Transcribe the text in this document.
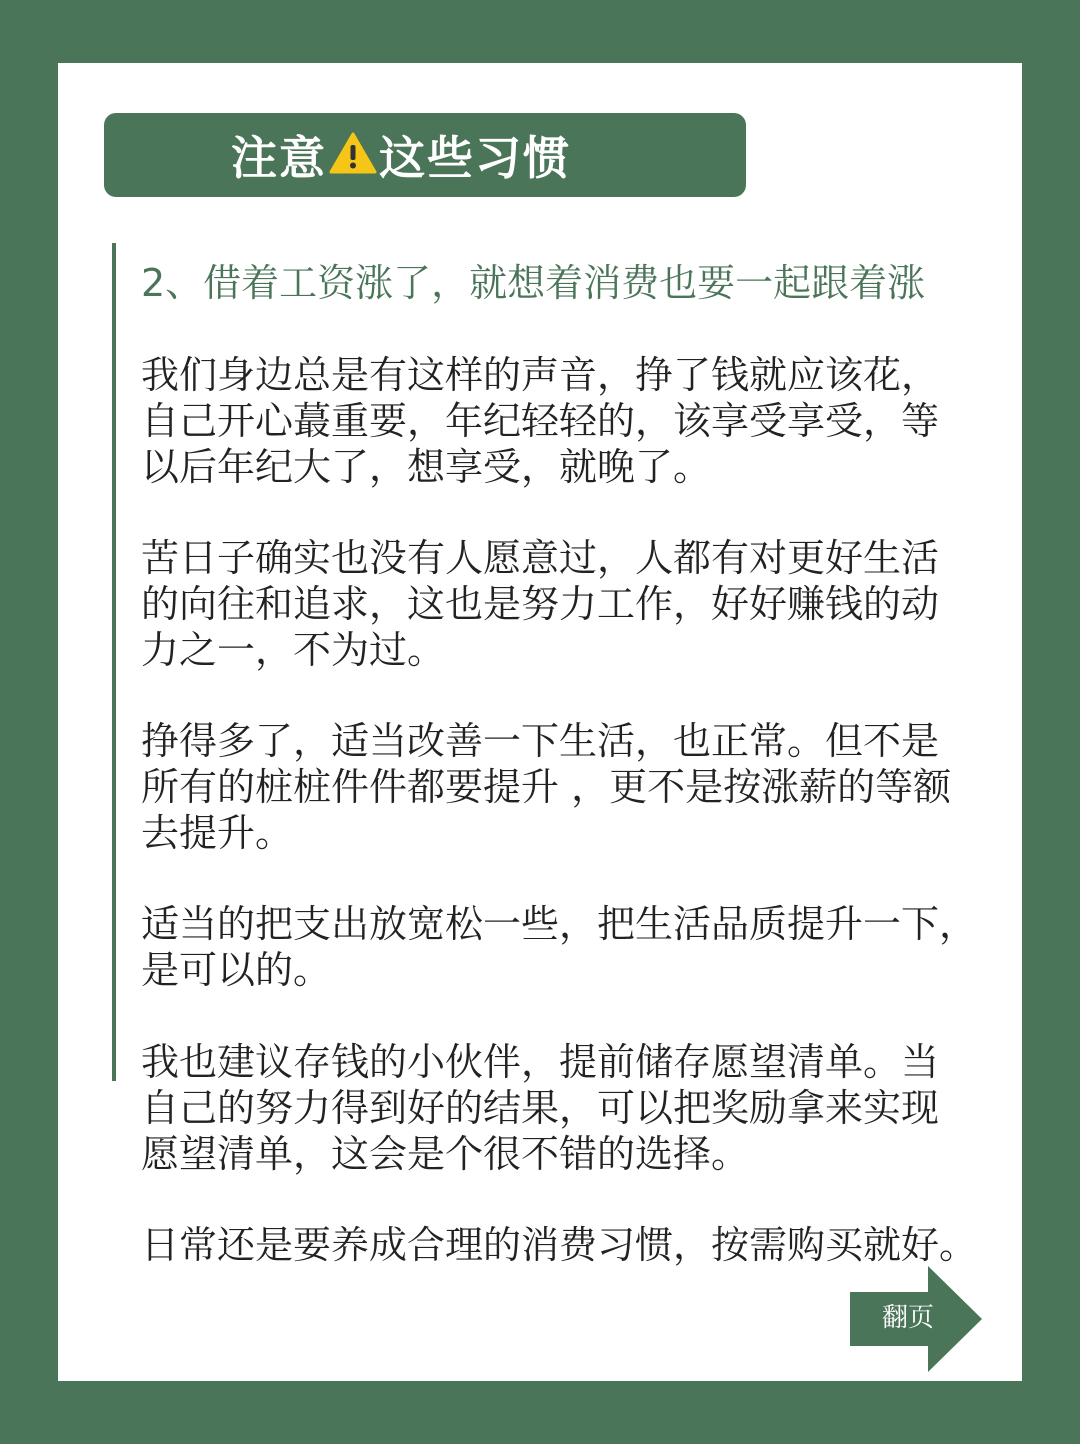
注意 这些习惯
2、借着工资涨了，就想着消费也要一起跟着涨

我们身边总是有这样的声音，挣了钱就应该花，
自己开心蕞重要，年纪轻轻的，该享受享受，等
以后年纪大了，想享受，就晚了。

苦日子确实也没有人愿意过，人都有对更好生活
的向往和追求，这也是努力工作，好好赚钱的动
力之一，不为过。

挣得多了，适当改善一下生活，也正常。但不是
所有的桩桩件件都要提升 ，更不是按涨薪的等额
去提升。

适当的把支出放宽松一些，把生活品质提升一下，
是可以的。

我也建议存钱的小伙伴，提前储存愿望清单。当
自己的努力得到好的结果，可以把奖励拿来实现
愿望清单，这会是个很不错的选择。

日常还是要养成合理的消费习惯，按需购买就好。

翻页
